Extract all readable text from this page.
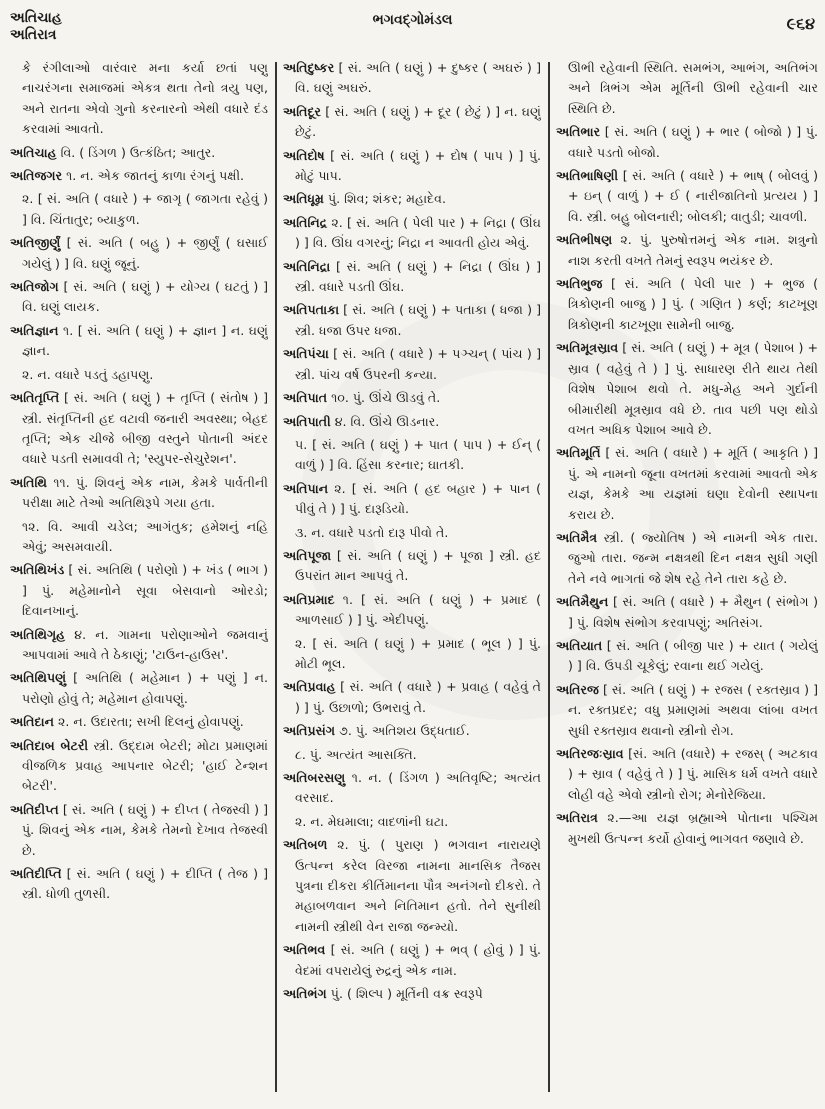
અતિચાહ
અતિરાત્ર
ભગવદ્ગોમંડલ	૯૬૪

કે રંગીલાઓ વારંવાર મના કર્યા છતાં પણુ નાચરંગના સમાજમાં એકત્ર થતા તેનો ત્રયુ પણ, અને રાતના એવો ગુનો કરનારનો એથી વધારે દંડ કરવામાં આવતો.

અતિચાહ વિ. ( ડિંગળ ) ઉત્કંઠિત; આતુર.

અતિજગર ૧. ન. એક જાતનું કાળા રંગનું પક્ષી.

૨. [ સં. અતિ ( વધારે ) + જાગૃ ( જાગતા રહેવું ) ] વિ. ચિંતાતુર; બ્યાકુળ.

અતિજીર્ણું [ સં. અતિ ( બહુ ) + જીર્ણું ( ઘસાઈ ગયેલું ) ] વિ. ઘણું જૂનું.

અતિજોગ [ સં. અતિ ( ઘણું ) + યોગ્ય ( ઘટતું ) ] વિ. ઘણું લાયક.

અતિજ્ઞાન ૧. [ સં. અતિ ( ઘણું ) + જ્ઞાન ] ન. ઘણું જ્ઞાન.

૨. ન. વધારે પડતું ડહાપણુ.

અતિતૃપ્તિ [ સં. અતિ ( ઘણું ) + તૃપ્તિ ( સંતોષ ) ] સ્ત્રી. સંતૃપ્તિની હદ વટાવી જનારી અવસ્થા; બેહદ તૃપ્તિ; એક ચીજે બીજી વસ્તુને પોતાની અંદર વધારે પડતી સમાવવી તે; 'સ્યુપર-સેચુરેશન'.

અતિથિ ૧૧. પું. શિવનું એક નામ, કેમકે પાર્વતીની પરીક્ષા માટે તેઓ અતિથિરૂપે ગયા હતા.

૧૨. વિ. આવી ચડેલ; આગંતુક; હમેશનું નહિ એવું; અસમવાયી.

અતિથિખંડ [ સં. અતિથિ ( પરોણો ) + ખંડ ( ભાગ ) ] પું. મહેમાનોને સૂવા બેસવાનો ઓરડો; દિવાનખાનું.

અતિથિગૃહ ૪. ન. ગામના પરોણાઓને જમવાનું આપવામાં આવે તે ઠેકાણું; 'ટાઉન-હાઉસ'.

અતિથિપણું [ અતિથિ ( મહેમાન ) + પણું ] ન. પરોણો હોવું તે; મહેમાન હોવાપણું.

અતિદાન ૨. ન. ઉદારતા; સખી દિલનું હોવાપણું.

અતિદાબ બેટરી સ્ત્રી. ઉદ્દામ બેટરી; મોટા પ્રમાણમાં વીજળિક પ્રવાહ આપનાર બેટરી; 'હાઈ ટેન્શન બેટરી'.

અતિદીપ્ત [ સં. અતિ ( ઘણું ) + દીપ્ત ( તેજસ્વી ) ] પું. શિવનું એક નામ, કેમકે તેમનો દેખાવ તેજસ્વી છે.

અતિદીપ્તિ [ સં. અતિ ( ઘણું ) + દીપ્તિ ( તેજ ) ] સ્ત્રી. ધોળી તુળસી.

અતિદુષ્કર [ સં. અતિ ( ઘણું ) + દુષ્કર ( અઘરું ) ] વિ. ઘણું અઘરું.

અતિદૂર [ સં. અતિ ( ઘણું ) + દૂર ( છેટું ) ] ન. ઘણું છેટું.

અતિદોષ [ સં. અતિ ( ઘણું ) + દોષ ( પાપ ) ] પું. મોટું પાપ.

અતિધૂમ્ર પું. શિવ; શંકર; મહાદેવ.

અતિનિદ્ર ૨. [ સં. અતિ ( પેલી પાર ) + નિદ્રા ( ઊંઘ ) ] વિ. ઊંઘ વગરનું; નિદ્રા ન આવતી હોય એવું.

અતિનિદ્રા [ સં. અતિ ( ઘણું ) + નિદ્રા ( ઊંઘ ) ] સ્ત્રી. વધારે પડતી ઊંઘ.

અતિપતાકા [ સં. અતિ ( ઘણું ) + પતાકા ( ધજા ) ] સ્ત્રી. ધજા ઉપર ધજા.

અતિપંચા [ સં. અતિ ( વધારે ) + પઞ્ચન્ ( પાંચ ) ] સ્ત્રી. પાંચ વર્ષ ઉપરની કન્યા.

અતિપાત ૧૦. પું. ઊંચે ઊડવું તે.

અતિપાતી ૪. વિ. ઊંચે ઊડનાર.

૫. [ સં. અતિ ( ઘણું ) + પાત ( પાપ ) + ઈન્ ( વાળું ) ] વિ. હિંસા કરનાર; ઘાતકી.

અતિપાન ૨. [ સં. અતિ ( હદ બહાર ) + પાન ( પીવું તે ) ] પું. દારૂડિયો.

૩. ન. વધારે પડતો દારૂ પીવો તે.

અતિપૂજા [ સં. અતિ ( ઘણું ) + પૂજા ] સ્ત્રી. હદ ઉપરાંત માન આપવું તે.

અતિપ્રમાદ ૧. [ સં. અતિ ( ઘણું ) + પ્રમાદ ( આળસાઈ ) ] પું. એદીપણું.

૨. [ સં. અતિ ( ઘણું ) + પ્રમાદ ( ભૂલ ) ] પું. મોટી ભૂલ.

અતિપ્રવાહ [ સં. અતિ ( વધારે ) + પ્રવાહ ( વહેવું તે ) ] પું. ઉછાળો; ઉભરાવું તે.

અતિપ્રસંગ ૭. પું. અતિશય ઉદ્ધતાઈ.

૮. પું. અત્યંત આસક્તિ.

અતિબરસણુ ૧. ન. ( ડિંગળ ) અતિવૃષ્ટિ; અત્યંત વરસાદ.

૨. ન. મેઘમાલા; વાદળાંની ઘટા.

અતિબળ ૨. પું. ( પુરાણ ) ભગવાન નારાયણે ઉત્પન્ન કરેલ વિરજા નામના માનસિક તૈજસ પુત્રના દીકરા કીર્તિમાનના પૌત્ર અનંગનો દીકરો. તે મહાબળવાન અને નિતિમાન હતો. તેને સુનીથી નામની સ્ત્રીથી વેન રાજા જન્મ્યો.

અતિભવ [ સં. અતિ ( ઘણું ) + ભવ્ ( હોવું ) ] પું. વેદમાં વપરાયેલું રુદ્રનું એક નામ.

અતિભંગ પું. ( શિલ્પ ) મૂર્તિની વક્ર સ્વરૂપે

ઊભી રહેવાની સ્થિતિ. સમભંગ, આભંગ, અતિભંગ અને ત્રિભંગ એમ મૂર્તિની ઊભી રહેવાની ચાર સ્થિતિ છે.

અતિભાર [ સં. અતિ ( ઘણું ) + ભાર ( બોજો ) ] પું. વધારે પડતો બોજો.

અતિભાષિણી [ સં. અતિ ( વધારે ) + ભાષ્ ( બોલવું ) + ઇન્ ( વાળું ) + ઈ ( નારીજાતિનો પ્રત્યય ) ] વિ. સ્ત્રી. બહુ બોલનારી; બોલકી; વાતુડી; ચાવળી.

અતિભીષણ ૨. પું. પુરુષોત્તમનું એક નામ. શત્રુનો નાશ કરતી વખતે તેમનું સ્વરૂપ ભયંકર છે.

અતિભુજ [ સં. અતિ ( પેલી પાર ) + ભુજ ( ત્રિકોણની બાજુ ) ] પું. ( ગણિત ) કર્ણ; કાટખૂણ ત્રિકોણની કાટખૂણા સામેની બાજુ.

અતિમૂત્રસ્રાવ [ સં. અતિ ( ઘણું ) + મૂત્ર ( પેશાબ ) + સ્રાવ ( વહેવું તે ) ] પું. સાધારણ રીતે થાય તેથી વિશેષ પેશાબ થવો તે. મધુ-મેહ અને ગુર્દાની બીમારીથી મૂત્રસ્રાવ વધે છે. તાવ પછી પણ થોડો વખત અધિક પેશાબ આવે છે.

અતિમૂર્તિ [ સં. અતિ ( વધારે ) + મૂર્તિ ( આકૃતિ ) ] પું. એ નામનો જૂના વખતમાં કરવામાં આવતો એક યજ્ઞ, કેમકે આ યજ્ઞમાં ઘણા દેવોની સ્થાપના કરાય છે.

અતિમૈત્ર સ્ત્રી. ( જ્યોતિષ ) એ નામની એક તારા. જુઓ તારા. જન્મ નક્ષત્રથી દિન નક્ષત્ર સુધી ગણી તેને નવે ભાગતાં જે શેષ રહે તેને તારા કહે છે.

અતિમૈથુન [ સં. અતિ ( વધારે ) + મૈથુન ( સંભોગ ) ] પું. વિશેષ સંભોગ કરવાપણું; અતિસંગ.

અતિયાત [ સં. અતિ ( બીજી પાર ) + યાત ( ગયેલું ) ] વિ. ઉપડી ચૂકેલું; રવાના થઈ ગયેલું.

અતિરજ [ સં. અતિ ( ઘણું ) + રજસ ( રક્તસ્રાવ ) ] ન. રક્તપ્રદર; વધુ પ્રમાણમાં અથવા લાંબા વખત સુધી રક્તસ્રાવ થવાનો સ્ત્રીનો રોગ.

અતિરજઃસ્રાવ [સં. અતિ (વધારે) + રજસ્ ( અટકાવ ) + સ્રાવ ( વહેવું તે ) ] પું. માસિક ધર્મ વખતે વધારે લોહી વહે એવો સ્ત્રીનો રોગ; મેનોરેજિયા.

અતિરાત્ર ૨.—આ યજ્ઞ બ્રહ્માએ પોતાના પશ્ચિમ મુખથી ઉત્પન્ન કર્યો હોવાનું ભાગવત જણાવે છે.
